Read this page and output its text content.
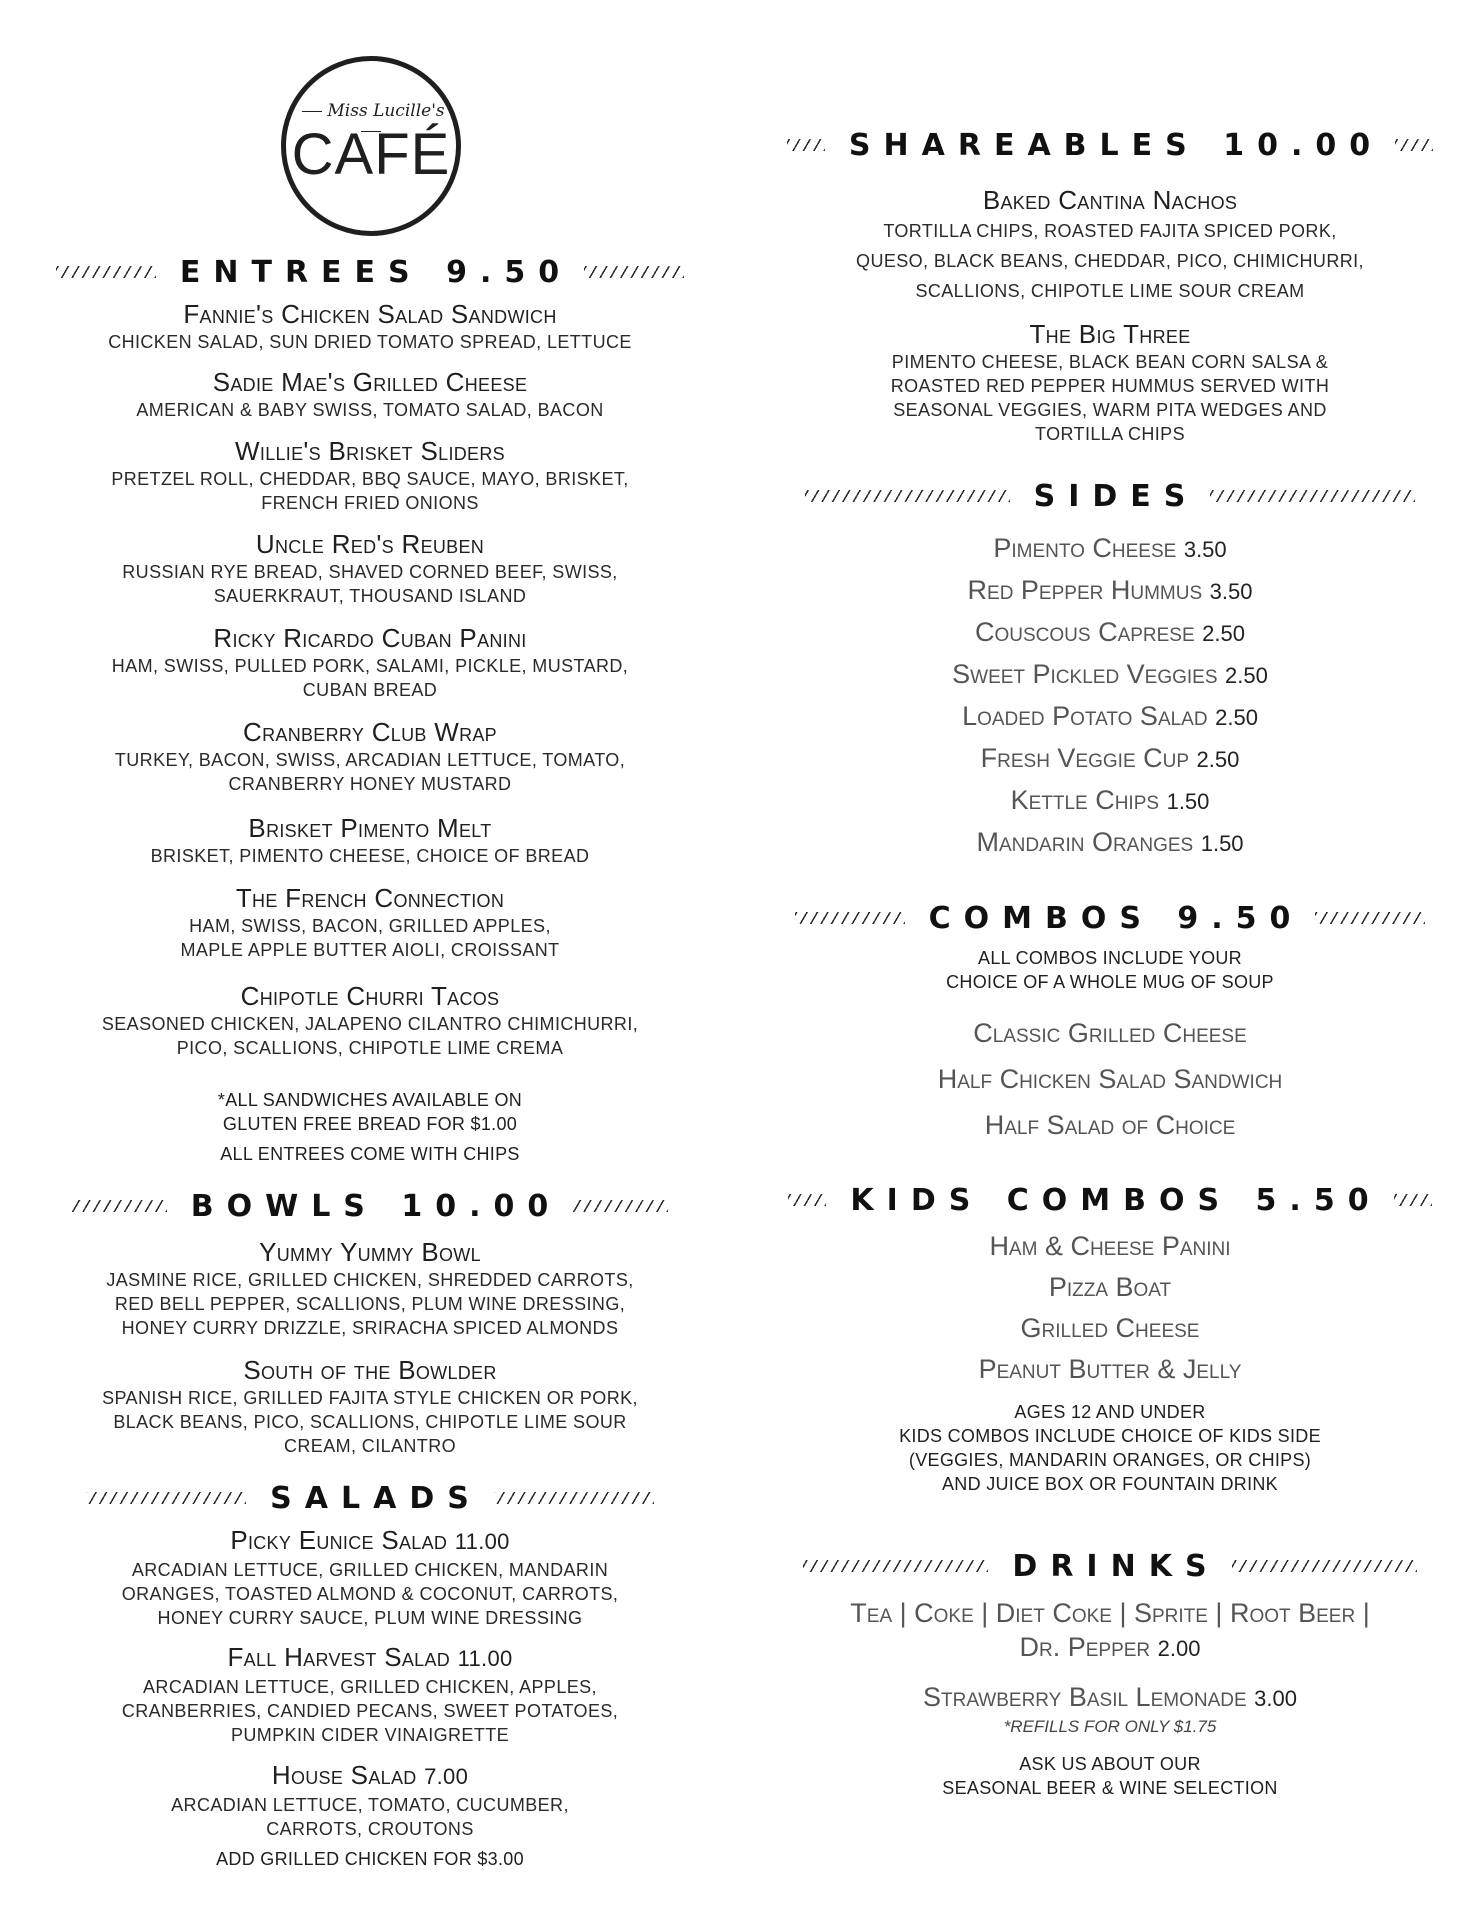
Miss Lucille's
CAFÉ
ENTREES 9.50
Fannie's Chicken Salad Sandwich
CHICKEN SALAD, SUN DRIED TOMATO SPREAD, LETTUCE
Sadie Mae's Grilled Cheese
AMERICAN & BABY SWISS, TOMATO SALAD, BACON
Willie's Brisket Sliders
PRETZEL ROLL, CHEDDAR, BBQ SAUCE, MAYO, BRISKET,
FRENCH FRIED ONIONS
Uncle Red's Reuben
RUSSIAN RYE BREAD, SHAVED CORNED BEEF, SWISS,
SAUERKRAUT, THOUSAND ISLAND
Ricky Ricardo Cuban Panini
HAM, SWISS, PULLED PORK, SALAMI, PICKLE, MUSTARD,
CUBAN BREAD
Cranberry Club Wrap
TURKEY, BACON, SWISS, ARCADIAN LETTUCE, TOMATO,
CRANBERRY HONEY MUSTARD
Brisket Pimento Melt
BRISKET, PIMENTO CHEESE, CHOICE OF BREAD
The French Connection
HAM, SWISS, BACON, GRILLED APPLES,
MAPLE APPLE BUTTER AIOLI, CROISSANT
Chipotle Churri Tacos
SEASONED CHICKEN, JALAPENO CILANTRO CHIMICHURRI,
PICO, SCALLIONS, CHIPOTLE LIME CREMA
*ALL SANDWICHES AVAILABLE ON
GLUTEN FREE BREAD FOR $1.00
ALL ENTREES COME WITH CHIPS
BOWLS 10.00
Yummy Yummy Bowl
JASMINE RICE, GRILLED CHICKEN, SHREDDED CARROTS,
RED BELL PEPPER, SCALLIONS, PLUM WINE DRESSING,
HONEY CURRY DRIZZLE, SRIRACHA SPICED ALMONDS
South of the Bowlder
SPANISH RICE, GRILLED FAJITA STYLE CHICKEN OR PORK,
BLACK BEANS, PICO, SCALLIONS, CHIPOTLE LIME SOUR
CREAM, CILANTRO
SALADS
Picky Eunice Salad 11.00
ARCADIAN LETTUCE, GRILLED CHICKEN, MANDARIN
ORANGES, TOASTED ALMOND & COCONUT, CARROTS,
HONEY CURRY SAUCE, PLUM WINE DRESSING
Fall Harvest Salad 11.00
ARCADIAN LETTUCE, GRILLED CHICKEN, APPLES,
CRANBERRIES, CANDIED PECANS, SWEET POTATOES,
PUMPKIN CIDER VINAIGRETTE
House Salad 7.00
ARCADIAN LETTUCE, TOMATO, CUCUMBER,
CARROTS, CROUTONS
ADD GRILLED CHICKEN FOR $3.00
SHAREABLES 10.00
Baked Cantina Nachos
TORTILLA CHIPS, ROASTED FAJITA SPICED PORK,
QUESO, BLACK BEANS, CHEDDAR, PICO, CHIMICHURRI,
SCALLIONS, CHIPOTLE LIME SOUR CREAM
The Big Three
PIMENTO CHEESE, BLACK BEAN CORN SALSA &
ROASTED RED PEPPER HUMMUS SERVED WITH
SEASONAL VEGGIES, WARM PITA WEDGES AND
TORTILLA CHIPS
SIDES
Pimento Cheese 3.50
Red Pepper Hummus 3.50
Couscous Caprese 2.50
Sweet Pickled Veggies 2.50
Loaded Potato Salad 2.50
Fresh Veggie Cup 2.50
Kettle Chips 1.50
Mandarin Oranges 1.50
COMBOS 9.50
ALL COMBOS INCLUDE YOUR
CHOICE OF A WHOLE MUG OF SOUP
Classic Grilled Cheese
Half Chicken Salad Sandwich
Half Salad of Choice
KIDS COMBOS 5.50
Ham & Cheese Panini
Pizza Boat
Grilled Cheese
Peanut Butter & Jelly
AGES 12 AND UNDER
KIDS COMBOS INCLUDE CHOICE OF KIDS SIDE
(VEGGIES, MANDARIN ORANGES, OR CHIPS)
AND JUICE BOX OR FOUNTAIN DRINK
DRINKS
Tea | Coke | Diet Coke | Sprite | Root Beer |
Dr. Pepper 2.00
Strawberry Basil Lemonade 3.00
*REFILLS FOR ONLY $1.75
ASK US ABOUT OUR
SEASONAL BEER & WINE SELECTION
